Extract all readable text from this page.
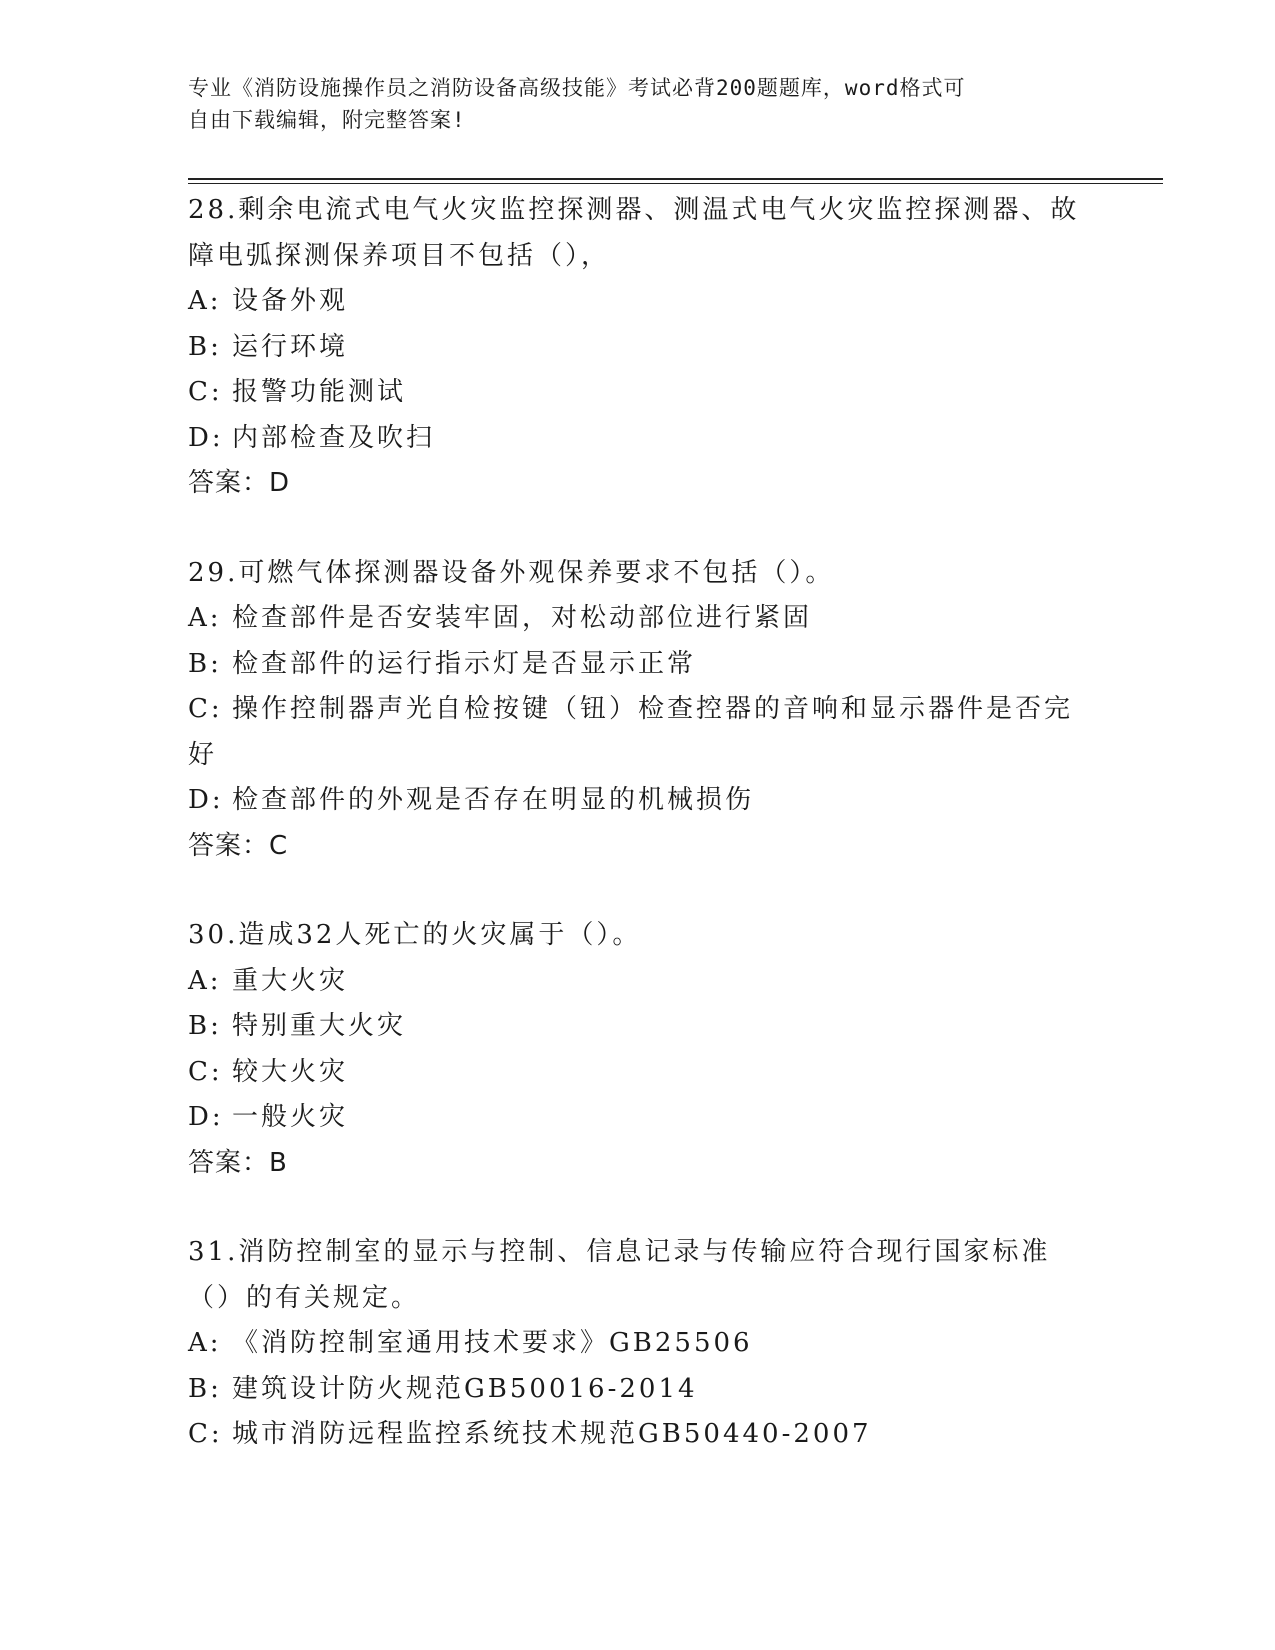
专业《消防设施操作员之消防设备高级技能》考试必背200题题库，word格式可
自由下载编辑，附完整答案!
28.剩余电流式电气火灾监控探测器、测温式电气火灾监控探测器、故障电弧探测保养项目不包括（），
A: 设备外观
B: 运行环境
C: 报警功能测试
D: 内部检查及吹扫
答案：D
29.可燃气体探测器设备外观保养要求不包括（）。
A: 检查部件是否安装牢固，对松动部位进行紧固
B: 检查部件的运行指示灯是否显示正常
C: 操作控制器声光自检按键（钮）检查控器的音响和显示器件是否完好
D: 检查部件的外观是否存在明显的机械损伤
答案：C
30.造成32人死亡的火灾属于（）。
A: 重大火灾
B: 特别重大火灾
C: 较大火灾
D: 一般火灾
答案：B
31.消防控制室的显示与控制、信息记录与传输应符合现行国家标准（）的有关规定。
A: 《消防控制室通用技术要求》GB25506
B: 建筑设计防火规范GB50016-2014
C: 城市消防远程监控系统技术规范GB50440-2007
